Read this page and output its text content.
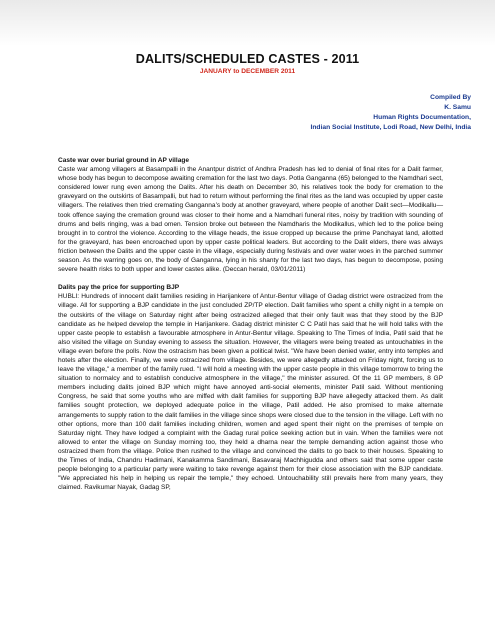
DALITS/SCHEDULED CASTES - 2011
JANUARY to DECEMBER 2011
Compiled By
K. Samu
Human Rights Documentation,
Indian Social Institute, Lodi Road, New Delhi, India

Caste war over burial ground in AP village

Caste war among villagers at Basampalli in the Anantpur district of Andhra Pradesh has led to denial of final rites for a Dalit farmer, whose body has begun to decompose awaiting cremation for the last two days. Potla Ganganna (65) belonged to the Namdhari sect, considered lower rung even among the Dalits. After his death on December 30, his relatives took the body for cremation to the graveyard on the outskirts of Basampalli, but had to return without performing the final rites as the land was occupied by upper caste villagers. The relatives then tried cremating Ganganna’s body at another graveyard, where people of another Dalit sect—Modikallu—took offence saying the cremation ground was closer to their home and a Namdhari funeral rites, noisy by tradition with sounding of drums and bells ringing, was a bad omen. Tension broke out between the Namdharis the Modikallus, which led to the police being brought in to control the violence. According to the village heads, the issue cropped up because the prime Panchayat land, allotted for the graveyard, has been encroached upon by upper caste political leaders. But according to the Dalit elders, there was always friction between the Dalits and the upper caste in the village, especially during festivals and over water woes in the parched summer season. As the warring goes on, the body of Ganganna, lying in his shanty for the last two days, has begun to decompose, posing severe health risks to both upper and lower castes alike. (Deccan herald, 03/01/2011)

Dalits pay the price for supporting BJP

HUBLI: Hundreds of innocent dalit families residing in Harijankere of Antur-Bentur village of Gadag district were ostracized from the village. All for supporting a BJP candidate in the just concluded ZP/TP election. Dalit families who spent a chilly night in a temple on the outskirts of the village on Saturday night after being ostracized alleged that their only fault was that they stood by the BJP candidate as he helped develop the temple in Harijankere. Gadag district minister C C Patil has said that he will hold talks with the upper caste people to establish a favourable atmosphere in Antur-Bentur village. Speaking to The Times of India, Patil said that he also visited the village on Sunday evening to assess the situation. However, the villagers were being treated as untouchables in the village even before the polls. Now the ostracism has been given a political twist. "We have been denied water, entry into temples and hotels after the election. Finally, we were ostracized from village. Besides, we were allegedly attacked on Friday night, forcing us to leave the village," a member of the family rued. "I will hold a meeting with the upper caste people in this village tomorrow to bring the situation to normalcy and to establish conducive atmosphere in the village," the minister assured. Of the 11 GP members, 8 GP members including dalits joined BJP which might have annoyed anti-social elements, minister Patil said. Without mentioning Congress, he said that some youths who are miffed with dalit families for supporting BJP have allegedly attacked them. As dalit families sought protection, we deployed adequate police in the village, Patil added. He also promised to make alternate arrangements to supply ration to the dalit families in the village since shops were closed due to the tension in the village. Left with no other options, more than 100 dalit families including children, women and aged spent their night on the premises of temple on Saturday night. They have lodged a complaint with the Gadag rural police seeking action but in vain. When the families were not allowed to enter the village on Sunday morning too, they held a dharna near the temple demanding action against those who ostracized them from the village. Police then rushed to the village and convinced the dalits to go back to their houses. Speaking to the Times of India, Chandru Hadimani, Kanakamma Sandimani, Basavaraj Machhigudda and others said that some upper caste people belonging to a particular party were waiting to take revenge against them for their close association with the BJP candidate. "We appreciated his help in helping us repair the temple," they echoed. Untouchability still prevails here from many years, they claimed. Ravikumar Nayak, Gadag SP,
